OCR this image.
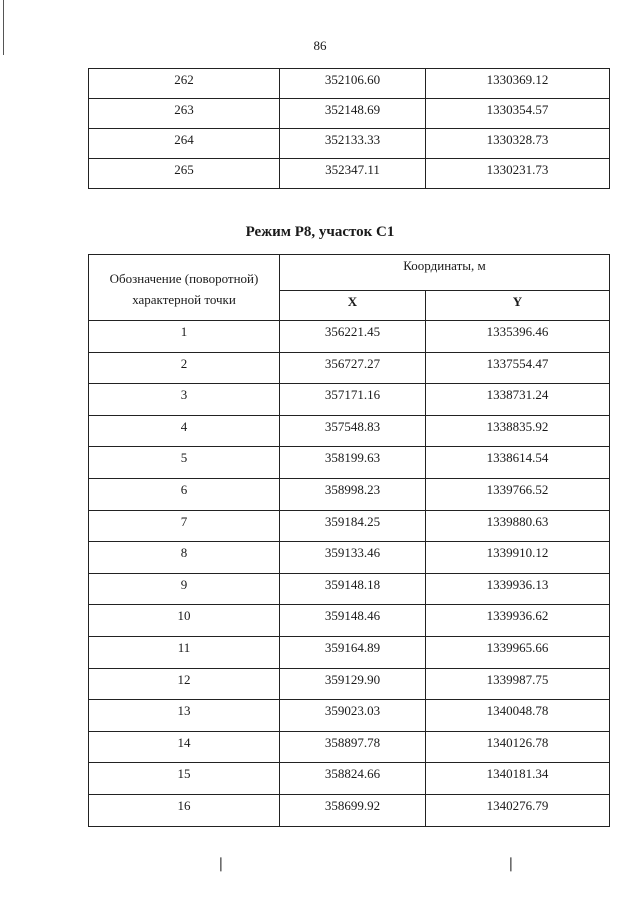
86
262	352106.60	1330369.12
263	352148.69	1330354.57
264	352133.33	1330328.73
265	352347.11	1330231.73
Режим Р8, участок С1
Обозначение (поворотной) характерной точки	Координаты, м	
	X	Y
1	356221.45	1335396.46
2	356727.27	1337554.47
3	357171.16	1338731.24
4	357548.83	1338835.92
5	358199.63	1338614.54
6	358998.23	1339766.52
7	359184.25	1339880.63
8	359133.46	1339910.12
9	359148.18	1339936.13
10	359148.46	1339936.62
11	359164.89	1339965.66
12	359129.90	1339987.75
13	359023.03	1340048.78
14	358897.78	1340126.78
15	358824.66	1340181.34
16	358699.92	1340276.79
❘	❘
